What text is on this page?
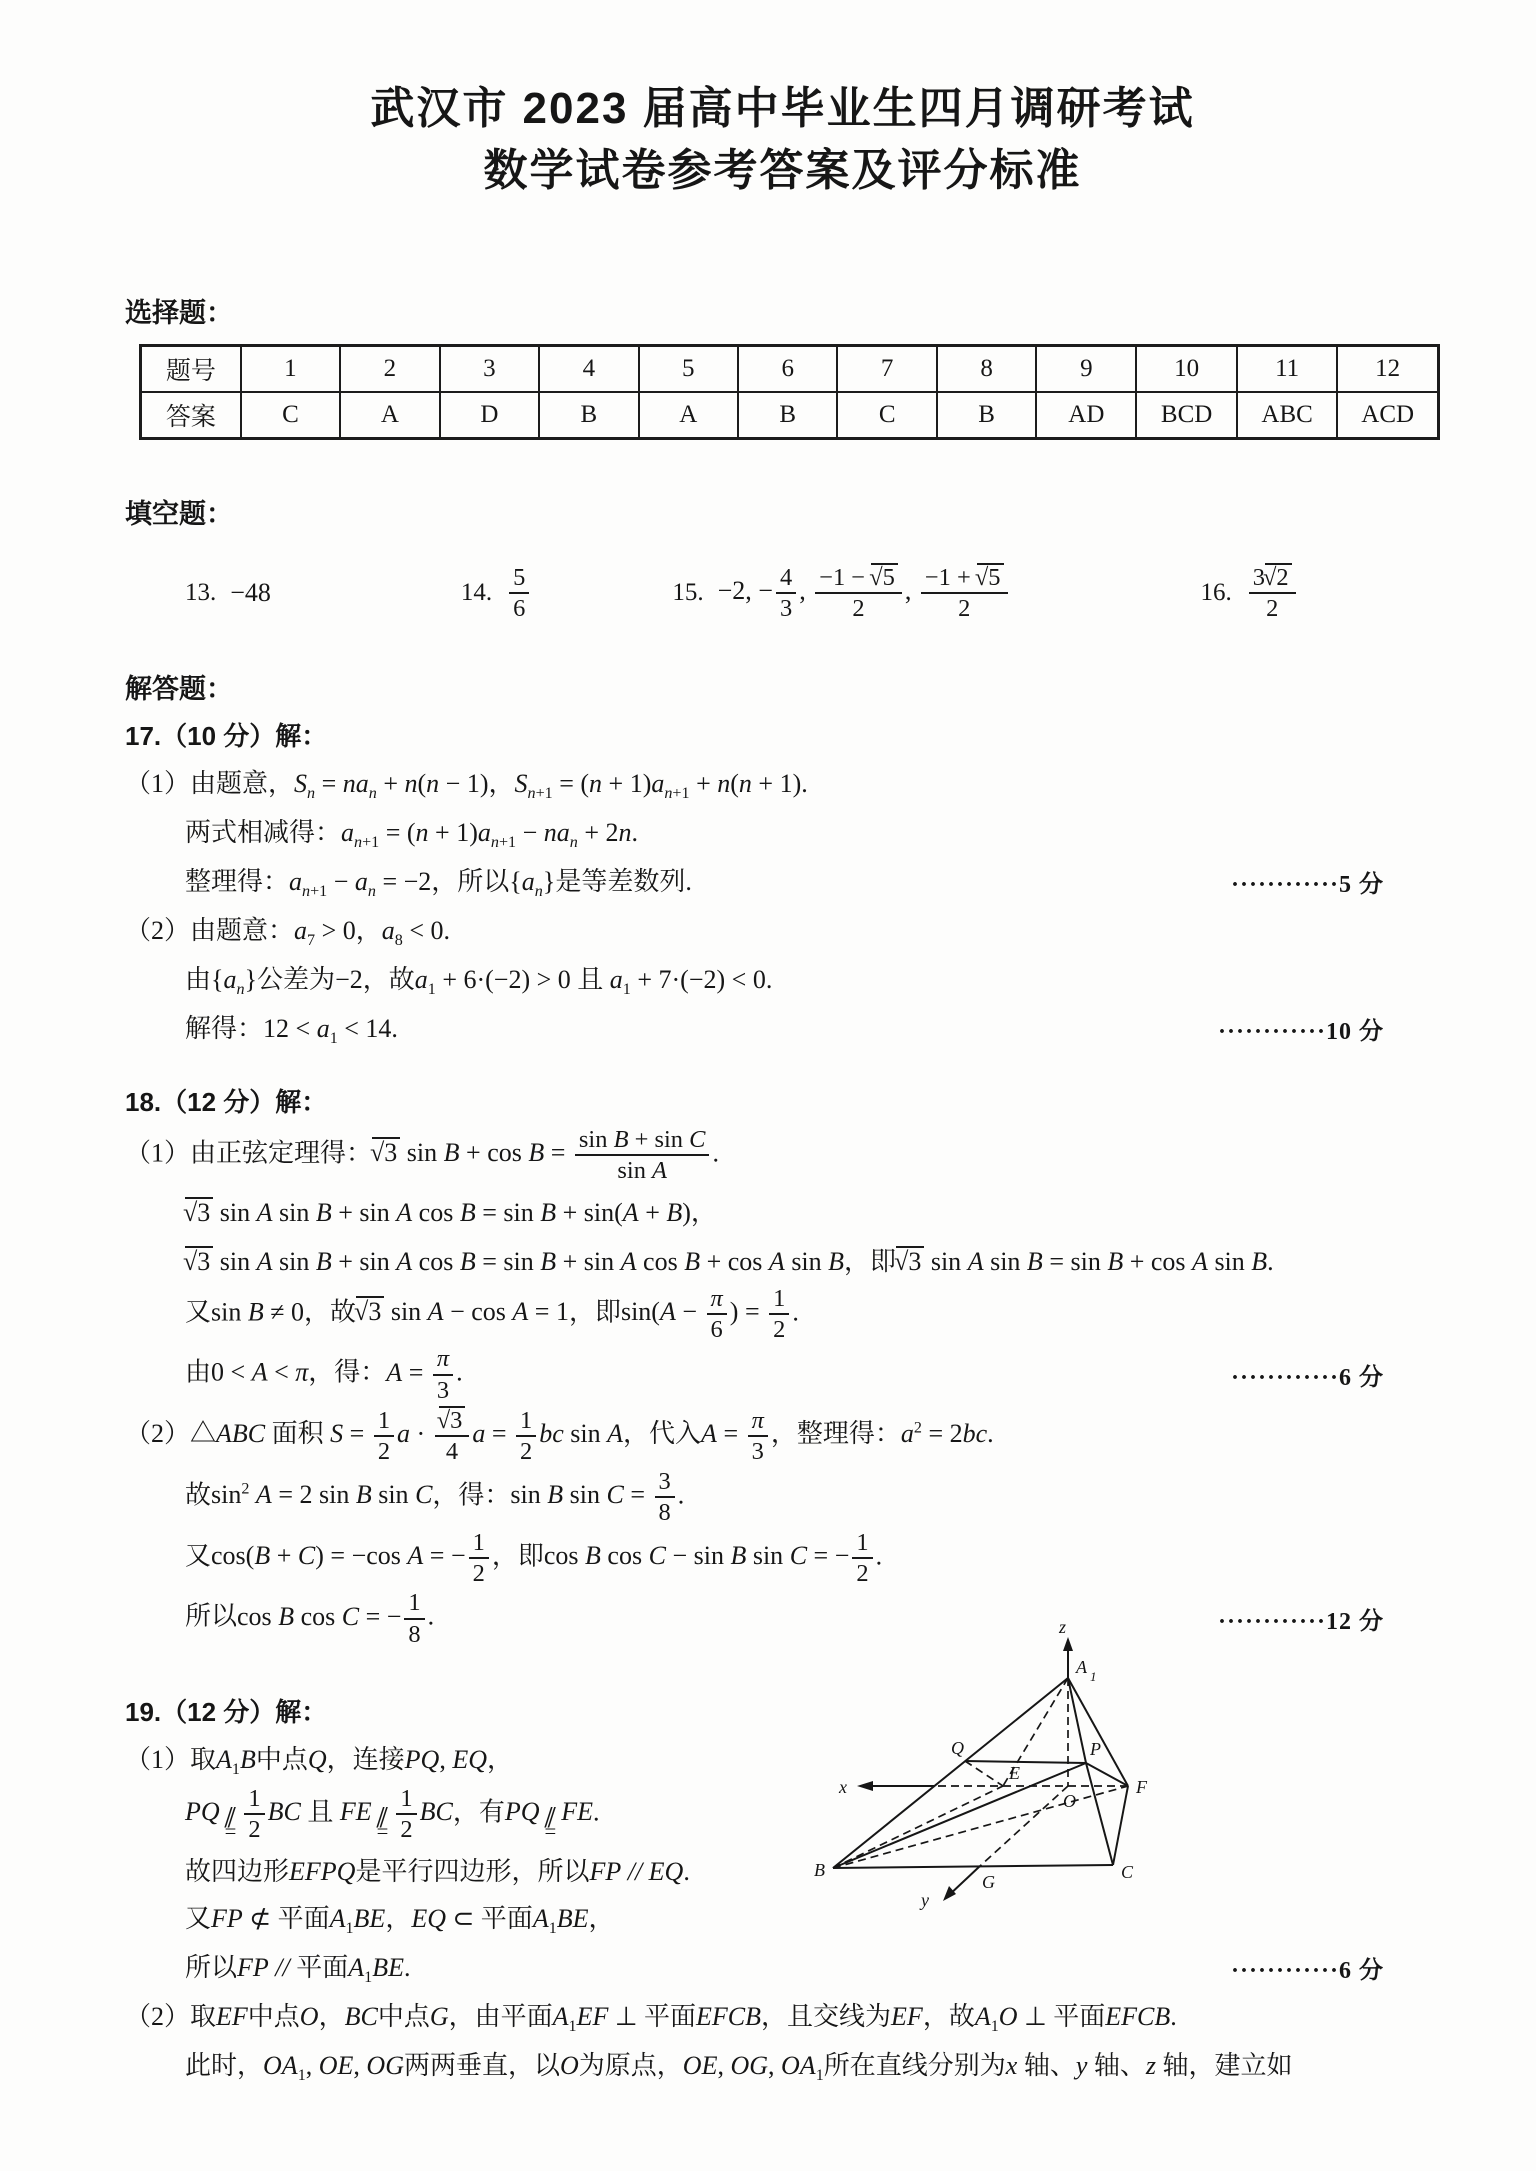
武汉市 2023 届高中毕业生四月调研考试
数学试卷参考答案及评分标准
选择题：
题号	1	2	3	4	5	6	7	8	9	10	11	12
答案	C	A	D	B	A	B	C	B	AD	BCD	ABC	ACD
填空题：
13. −48	14. $\frac{5}{6}$	15. −2, − $\frac{4}{3}$ , $\frac{-1 - √ 5}{2}$ , $\frac{-1 + √ 5}{2}$	16. $\frac{3 √ 2}{2}$
解答题：
17.（10 分）解：
（1）由题意，$S_n = na_n + n(n - 1)$，$S_{n+1} = (n + 1)a_{n+1} + n(n + 1)$.
两式相减得：$a_{n+1} = (n + 1)a_{n+1} - na_n + 2n$.
整理得：$a_{n+1} - a_n = -2$，所以$\{a_n\}$是等差数列.	············5 分
（2）由题意：$a_7 > 0$，$a_8 < 0$.
由$\{a_n\}$公差为−2，故$a_1 + 6\cdot(-2) > 0$ 且 $a_1 + 7\cdot(-2) < 0$.
解得：$12 < a_1 < 14$.	············10 分
18.（12 分）解：
（1）由正弦定理得： √ 3 $\sin B + \cos B = \frac{\text{sin B + sin C}}{\text{sin A}}$ .
√ 3 sin A sin B + sin A cos B = sin B + sin(A + B)，
√ 3 sin A sin B + sin A cos B = sin B + sin A cos B + cos A sin B，即 √ 3 sin A sin B = sin B + cos A sin B.
又sin B ≠ 0，故 √ 3 sin A − cos A = 1，即$\sin(A - \frac{\pi}{6}$ ) = $\frac{1}{2}$ .
由0 < A < π，得：$A = \frac{\pi}{3}$ .	············6 分
（2）△ABC 面积 $S = \frac{1}{2}$ a · √ $\frac{3}{4}$ $a = \frac{1}{2}$ bc sin A，代入$A = \frac{\pi}{3}$ ，整理得：$a^2 = 2bc$.
故$\sin^2 A = 2$ sin B sin C，得：sin B $\sin C = \frac{3}{8}$ .
又cos(B + C) = −cos A = − $\frac{1}{2}$ ，即cos B cos C − sin B sin C = − $\frac{1}{2}$ .
所以cos B cos C = − $\frac{1}{8}$ .	············12 分
z
A 1
Q	P
E
x
O
F
B
G	C
y
19.（12 分）解：
（1）取$A_1B$中点Q，连接PQ, EQ，
PQ∥ = $\frac{1}{2}$ BC 且 FE∥ = $\frac{1}{2}$ BC，有PQ ∥ = FE.
故四边形EFPQ是平行四边形，所以FP // EQ.
又FP ⊄ 平面$A_1BE$，EQ ⊂ 平面$A_1BE$，
所以FP // 平面$A_1BE$.	············6 分
（2）取EF中点O，BC中点G，由平面$A_1EF$ ⊥ 平面EFCB，且交线为EF，故$A_1O$ ⊥ 平面EFCB.
此时，$OA_1$, OE, OG两两垂直，以O为原点，OE, OG, $OA_1$所在直线分别为x 轴、y 轴、z 轴，建立如
